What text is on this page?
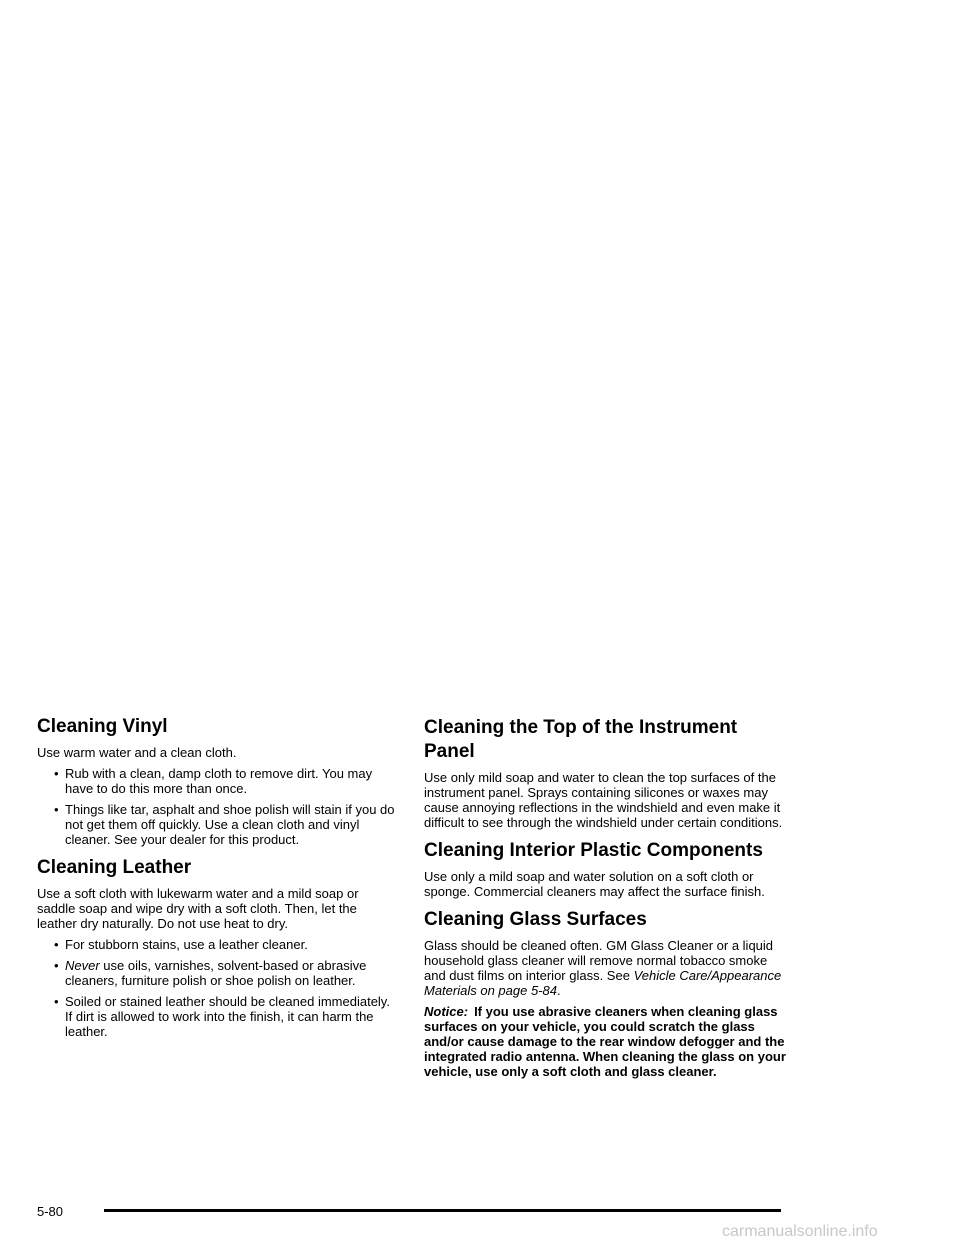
Cleaning Vinyl

Use warm water and a clean cloth.

• Rub with a clean, damp cloth to remove dirt. You may have to do this more than once.
• Things like tar, asphalt and shoe polish will stain if you do not get them off quickly. Use a clean cloth and vinyl cleaner. See your dealer for this product.
Cleaning Leather

Use a soft cloth with lukewarm water and a mild soap or saddle soap and wipe dry with a soft cloth. Then, let the leather dry naturally. Do not use heat to dry.

• For stubborn stains, use a leather cleaner.
• Never use oils, varnishes, solvent-based or abrasive cleaners, furniture polish or shoe polish on leather.
• Soiled or stained leather should be cleaned immediately. If dirt is allowed to work into the finish, it can harm the leather.
Cleaning the Top of the Instrument Panel

Use only mild soap and water to clean the top surfaces of the instrument panel. Sprays containing silicones or waxes may cause annoying reflections in the windshield and even make it difficult to see through the windshield under certain conditions.

Cleaning Interior Plastic Components

Use only a mild soap and water solution on a soft cloth or sponge. Commercial cleaners may affect the surface finish.

Cleaning Glass Surfaces

Glass should be cleaned often. GM Glass Cleaner or a liquid household glass cleaner will remove normal tobacco smoke and dust films on interior glass. See Vehicle Care/Appearance Materials on page 5-84.

Notice: If you use abrasive cleaners when cleaning glass surfaces on your vehicle, you could scratch the glass and/or cause damage to the rear window defogger and the integrated radio antenna. When cleaning the glass on your vehicle, use only a soft cloth and glass cleaner.

5-80
carmanualsonline.info
